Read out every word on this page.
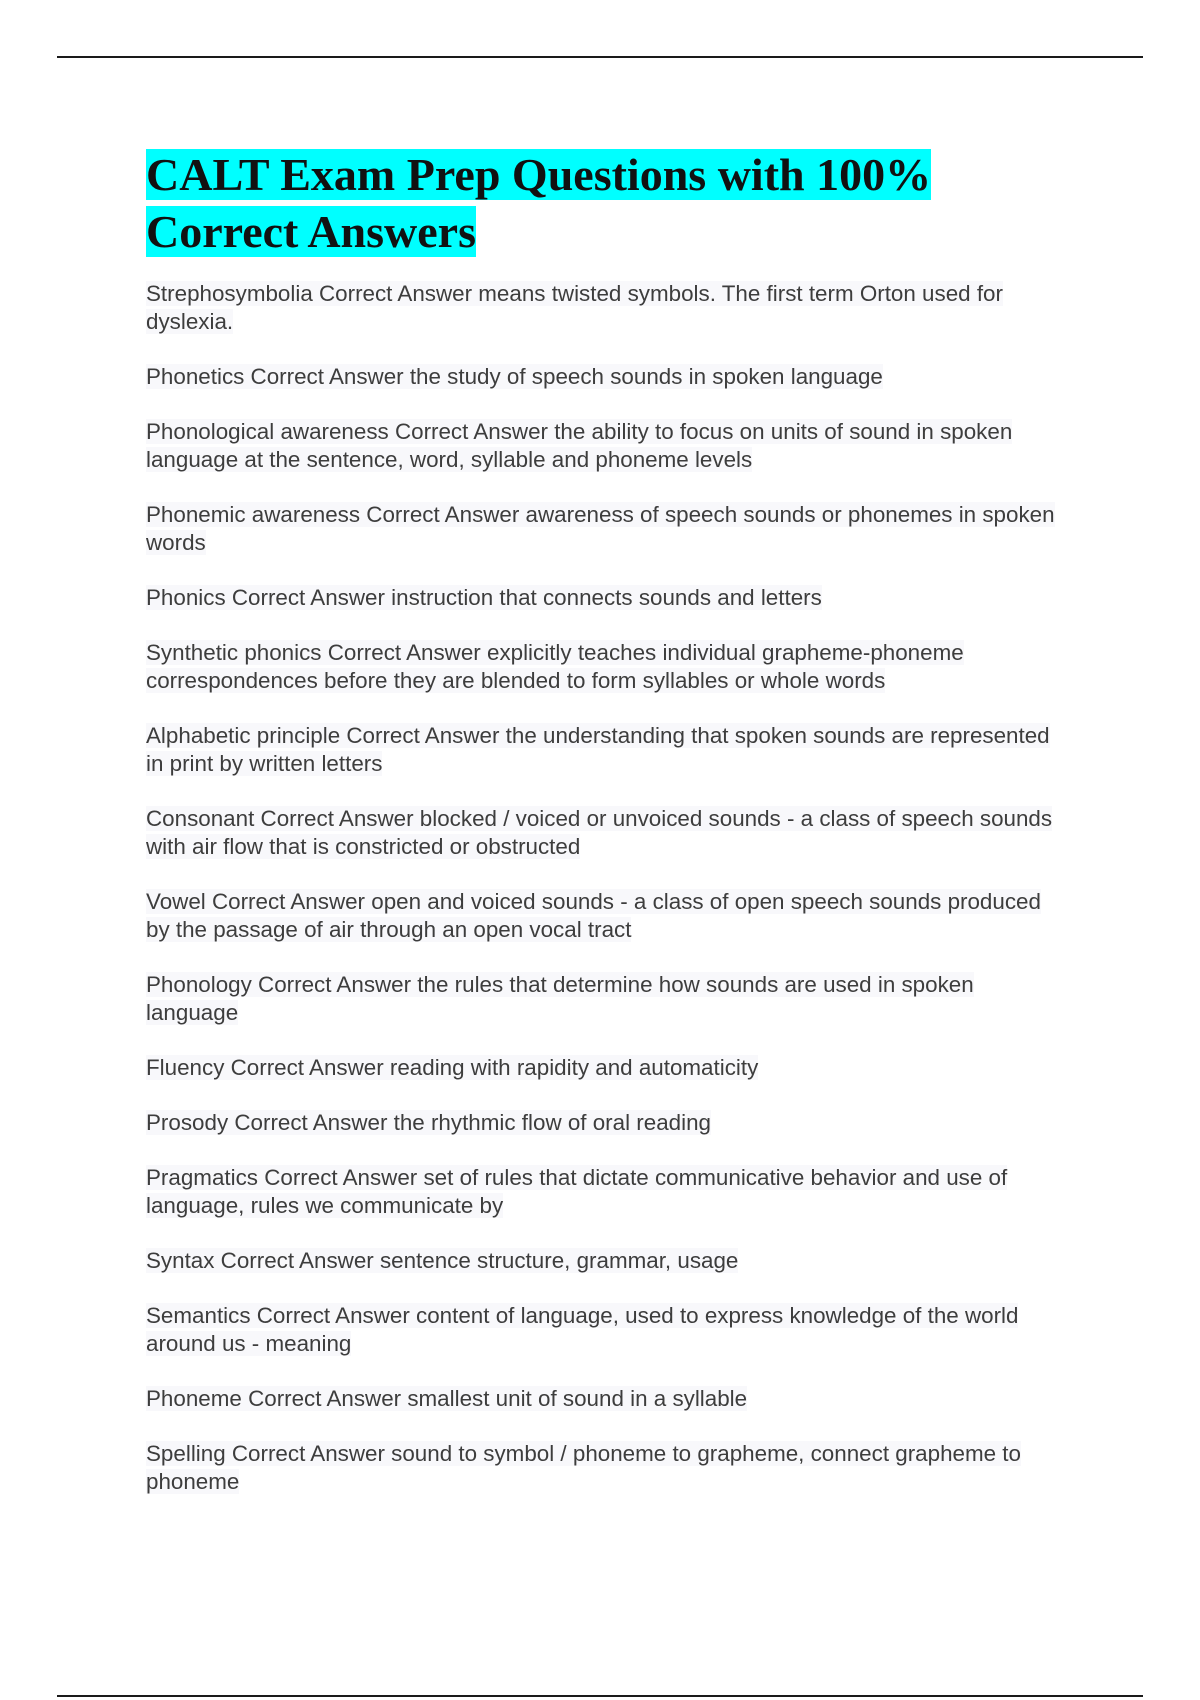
CALT Exam Prep Questions with 100%
Correct Answers
Strephosymbolia Correct Answer means twisted symbols. The first term Orton used for dyslexia.
Phonetics Correct Answer the study of speech sounds in spoken language
Phonological awareness Correct Answer the ability to focus on units of sound in spoken language at the sentence, word, syllable and phoneme levels
Phonemic awareness Correct Answer awareness of speech sounds or phonemes in spoken words
Phonics Correct Answer instruction that connects sounds and letters
Synthetic phonics Correct Answer explicitly teaches individual grapheme-phoneme correspondences before they are blended to form syllables or whole words
Alphabetic principle Correct Answer the understanding that spoken sounds are represented in print by written letters
Consonant Correct Answer blocked / voiced or unvoiced sounds - a class of speech sounds with air flow that is constricted or obstructed
Vowel Correct Answer open and voiced sounds - a class of open speech sounds produced by the passage of air through an open vocal tract
Phonology Correct Answer the rules that determine how sounds are used in spoken language
Fluency Correct Answer reading with rapidity and automaticity
Prosody Correct Answer the rhythmic flow of oral reading
Pragmatics Correct Answer set of rules that dictate communicative behavior and use of language, rules we communicate by
Syntax Correct Answer sentence structure, grammar, usage
Semantics Correct Answer content of language, used to express knowledge of the world around us - meaning
Phoneme Correct Answer smallest unit of sound in a syllable
Spelling Correct Answer sound to symbol / phoneme to grapheme, connect grapheme to phoneme
